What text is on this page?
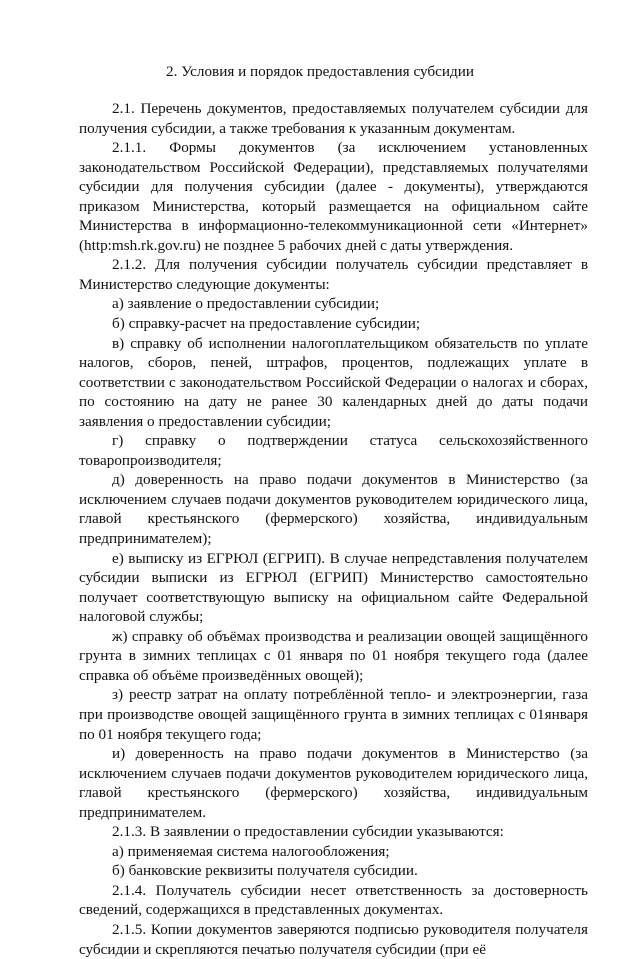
2. Условия и порядок предоставления субсидии

2.1. Перечень документов, предоставляемых получателем субсидии для получения субсидии, а также требования к указанным документам.

2.1.1. Формы документов (за исключением установленных законодательством Российской Федерации), представляемых получателями субсидии для получения субсидии (далее - документы), утверждаются приказом Министерства, который размещается на официальном сайте Министерства в информационно-телекоммуникационной сети «Интернет» (http:msh.rk.gov.ru) не позднее 5 рабочих дней с даты утверждения.

2.1.2. Для получения субсидии получатель субсидии представляет в Министерство следующие документы:

а) заявление о предоставлении субсидии;

б) справку-расчет на предоставление субсидии;

в) справку об исполнении налогоплательщиком обязательств по уплате налогов, сборов, пеней, штрафов, процентов, подлежащих уплате в соответствии с законодательством Российской Федерации о налогах и сборах, по состоянию на дату не ранее 30 календарных дней до даты подачи заявления о предоставлении субсидии;

г) справку о подтверждении статуса сельскохозяйственного товаропроизводителя;

д) доверенность на право подачи документов в Министерство (за исключением случаев подачи документов руководителем юридического лица, главой крестьянского (фермерского) хозяйства, индивидуальным предпринимателем);

е) выписку из ЕГРЮЛ (ЕГРИП). В случае непредставления получателем субсидии выписки из ЕГРЮЛ (ЕГРИП) Министерство самостоятельно получает соответствующую выписку на официальном сайте Федеральной налоговой службы;

ж) справку об объёмах производства и реализации овощей защищённого грунта в зимних теплицах с 01 января по 01 ноября текущего года (далее справка об объёме произведённых овощей);

з) реестр затрат на оплату потреблённой тепло- и электроэнергии, газа при производстве овощей защищённого грунта в зимних теплицах с 01января по 01 ноября текущего года;

и) доверенность на право подачи документов в Министерство (за исключением случаев подачи документов руководителем юридического лица, главой крестьянского (фермерского) хозяйства, индивидуальным предпринимателем.

2.1.3. В заявлении о предоставлении субсидии указываются:

а) применяемая система налогообложения;

б) банковские реквизиты получателя субсидии.

2.1.4. Получатель субсидии несет ответственность за достоверность сведений, содержащихся в представленных документах.

2.1.5. Копии документов заверяются подписью руководителя получателя субсидии и скрепляются печатью получателя субсидии (при её
